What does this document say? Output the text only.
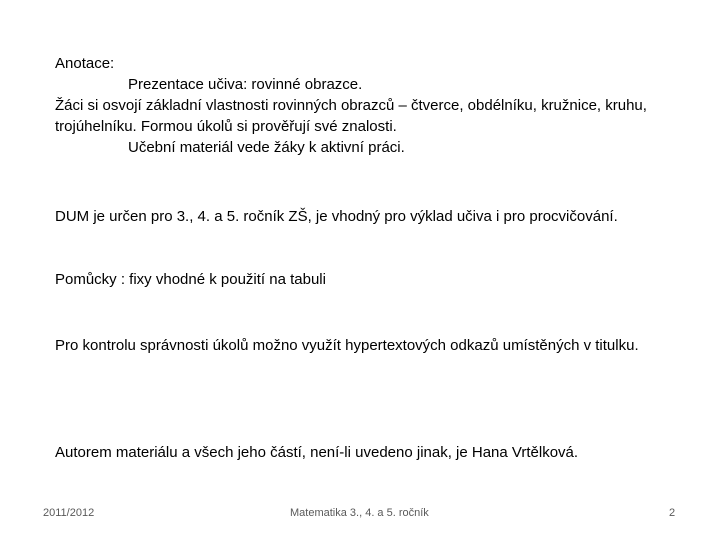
Anotace:
Prezentace učiva: rovinné obrazce.
Žáci si osvojí základní vlastnosti rovinných obrazců – čtverce, obdélníku, kružnice, kruhu,
trojúhelníku. Formou úkolů si prověřují své znalosti.
Učební materiál vede žáky k aktivní práci.
DUM je určen pro 3., 4. a 5. ročník ZŠ, je vhodný pro výklad učiva i pro procvičování.
Pomůcky : fixy vhodné k použití na tabuli
Pro kontrolu správnosti úkolů možno využít hypertextových odkazů umístěných v titulku.
Autorem materiálu a všech jeho částí, není-li uvedeno jinak, je Hana Vrtělková.
2011/2012	Matematika 3., 4. a 5. ročník	2
